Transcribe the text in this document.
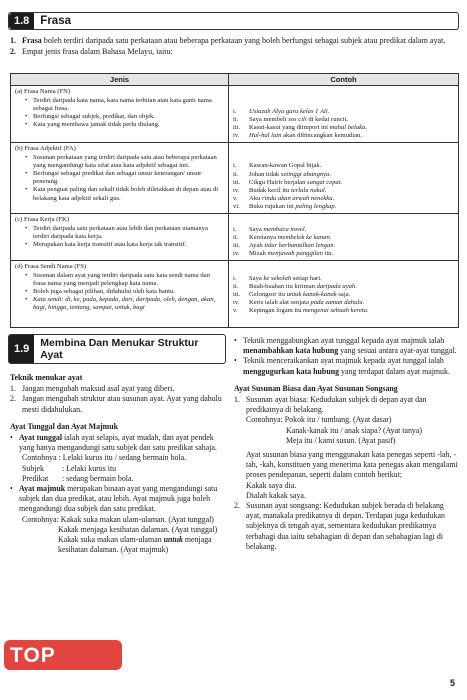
1.8 Frasa
1. Frasa boleh terdiri daripada satu perkataan atau beberapa perkataan yang boleh berfungsi sebagai subjek atau predikat dalam ayat.
2. Empat jenis frasa dalam Bahasa Melayu, iaitu:
Jenis	Contoh
(a) Frasa Nama (FN)
• Terdiri daripada kata nama, kata nama terbitan atau kata ganti nama sebagai frasa.
• Berfungsi sebagai subjek, predikat, dan objek.
• Kata yang membawa jamak tidak perlu diulang.
i.	Ustazah Alya guru kelas 1 Ali.
ii.	Saya membeli sos cili di kedai runcit.
iii.	Kasut-kasut yang diimport ini mahal belaka.
iv.	Hal-hal lain akan dibincangkan kemudian.
(b) Frasa Adjektif (FA)
• Susunan perkataan yang terdiri daripada satu atau beberapa perkataan yang mengandungi kata sifat atau kata adjektif sebagai inti.
• Berfungsi sebagai predikat dan sebagai unsur keterangan/ unsur penerang.
• Kata penguat paling dan sekali tidak boleh diletakkan di depan atau di belakang kata adjektif sekali gus.
i.	Kawan-kawan Gopal bijak.
ii.	Johan tidak setinggi abangnya.
iii.	Cikgu Hairir berjalan sangat cepat.
iv.	Budak kecil itu terlalu nakal.
v.	Aku rindu akan arwah nenekku.
vi.	Buku rujukan ini paling lengkap.
(c) Frasa Kerja (FK)
• Terdiri daripada satu perkataan atau lebih dan perkataan utamanya terdiri daripada kata kerja.
• Merupakan kata kerja transitif atau kata kerja tak transitif.
i.	Saya membaca novel.
ii.	Keretanya membelok ke kanan.
iii.	Ayah tidur berbantalkan lengan.
iv.	Mizah menjawab panggilan itu.
(d) Frasa Sendi Nama (FS)
• Susunan dalam ayat yang terdiri daripada satu kata sendi nama dan frasa nama yang menjadi pelengkap kata nama.
• Boleh juga sebagai pilihan, didahului oleh kata bantu.
• Kata sendi: di, ke, pada, kepada, dari, daripada, oleh, dengan, akan, bagi, hingga, tentang, sampai, untuk, bagi
i.	Saya ke sekolah setiap hari.
ii.	Buah-buahan itu kiriman daripada ayah.
iii.	Gelongsor itu untuk kanak-kanak saja.
iv.	Keris ialah alat senjata pada zaman dahulu.
v.	Kepingan logam itu mengenai sebuah kereta.
1.9	Membina Dan Menukar Struktur
Ayat
Teknik menukar ayat
1. Jangan mengubah maksud asal ayat yang diberi.
2. Jangan mengubah struktur atau susunan ayat. Ayat yang dahulu mesti didahulukan.
Ayat Tunggal dan Ayat Majmuk
• Ayat tunggal ialah ayat selapis, ayat mudah, dan ayat pendek yang hanya mengandungi satu subjek dan satu predikat sahaja.
Contohnya : Lelaki kurus itu / sedang bermain bola.
Subjek	: Lelaki kurus itu
Predikat	: sedang bermain bola.
• Ayat majmuk merupakan binaan ayat yang mengandungi satu subjek dan dua predikat, atau lebih. Ayat majmuk juga boleh mengandungi dua subjek dan satu predikat.
Contohnya: Kakak suka makan ulam-ulaman. (Ayat tunggal)
Kakak menjaga kesihatan dalaman. (Ayat tunggal)
Kakak suka makan ulam-ulaman untuk menjaga kesihatan dalaman. (Ayat majmuk)
• Teknik menggabungkan ayat tunggal kepada ayat majmuk ialah menambahkan kata hubung yang sesuai antara ayat-ayat tunggal.
• Teknik menceraikankan ayat majmuk kepada ayat tunggal ialah menggugurkan kata hubung yang terdapat dalam ayat majmuk.
Ayat Susunan Biasa dan Ayat Susunan Songsang
1. Susunan ayat biasa: Kedudukan subjek di depan ayat dan predikatnya di belakang.
Contohnya: Pokok itu / tumbang. (Ayat dasar)
Kanak-kanak itu / anak siapa? (Ayat tanya)
Meja itu / kami susun. (Ayat pasif)
Ayat susunan biasa yang menggunakan kata penegas seperti -lah, -tah, -kah, konstituen yang menerima kata penegas akan mengalami proses pendepanan, seperti dalam contoh berikut;
Kakak saya dia.
Dialah kakak saya.
2. Susunan ayat songsang: Kedudukan subjek berada di belakang ayat, manakala predikatnya di depan. Terdapat juga kedudukan subjeknya di tengah ayat, sementara kedudukan predikatnya terbahagi dua iaitu sebahagian di depan dan sebahagian lagi di belakang.
TOP BOOKS	5
